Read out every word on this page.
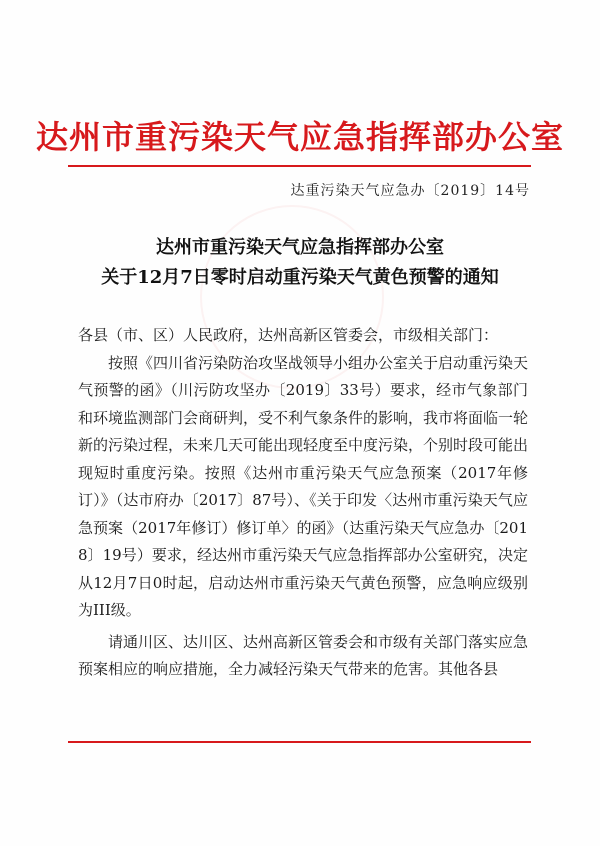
达州市重污染天气应急指挥部办公室
达重污染天气应急办〔2019〕14号
达州市重污染天气应急指挥部办公室
关于12月7日零时启动重污染天气黄色预警的通知

各县（市、区）人民政府，达州高新区管委会，市级相关部门：

按照《四川省污染防治攻坚战领导小组办公室关于启动重污染天气预警的函》（川污防攻坚办〔2019〕33号）要求，经市气象部门和环境监测部门会商研判，受不利气象条件的影响，我市将面临一轮新的污染过程，未来几天可能出现轻度至中度污染，个别时段可能出现短时重度污染。按照《达州市重污染天气应急预案（2017年修订）》（达市府办〔2017〕87号）、《关于印发〈达州市重污染天气应急预案（2017年修订）修订单〉的函》（达重污染天气应急办〔2018〕19号）要求，经达州市重污染天气应急指挥部办公室研究，决定从12月7日0时起，启动达州市重污染天气黄色预警，应急响应级别为III级。

请通川区、达川区、达州高新区管委会和市级有关部门落实应急预案相应的响应措施，全力减轻污染天气带来的危害。其他各县
